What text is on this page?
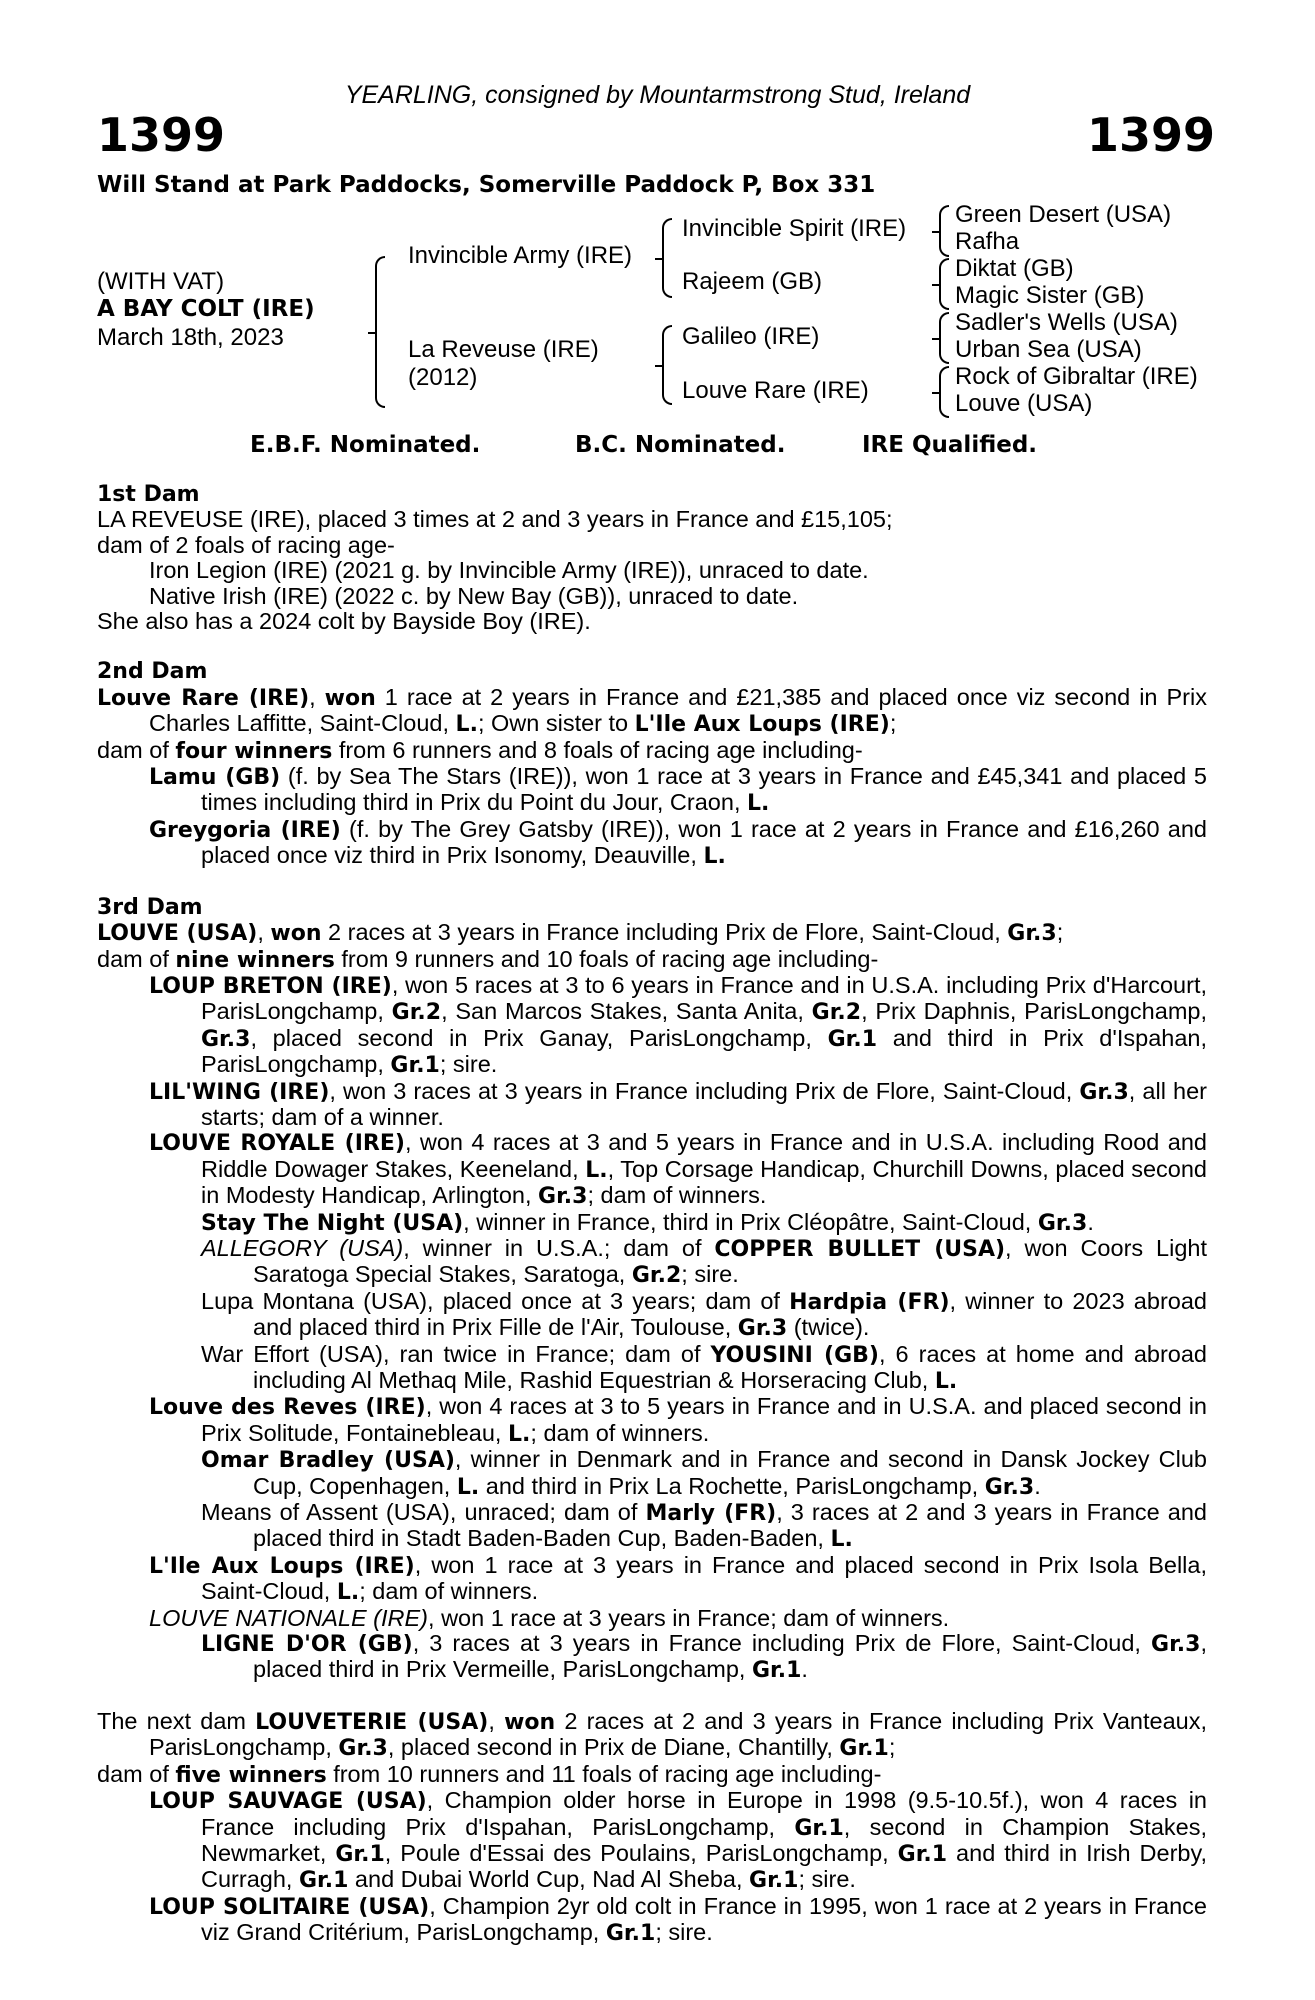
YEARLING, consigned by Mountarmstrong Stud, Ireland
1399	1399
Will Stand at Park Paddocks, Somerville Paddock P, Box 331
(WITH VAT)
A BAY COLT (IRE)
March 18th, 2023
Invincible Army (IRE)
La Reveuse (IRE)
(2012)
Invincible Spirit (IRE)
Rajeem (GB)
Galileo (IRE)
Louve Rare (IRE)
Green Desert (USA)
Rafha
Diktat (GB)
Magic Sister (GB)
Sadler's Wells (USA)
Urban Sea (USA)
Rock of Gibraltar (IRE)
Louve (USA)
E.B.F. Nominated.	B.C. Nominated.	IRE Qualified.
1st Dam
LA REVEUSE (IRE), placed 3 times at 2 and 3 years in France and £15,105;
dam of 2 foals of racing age-
Iron Legion (IRE) (2021 g. by Invincible Army (IRE)), unraced to date.
Native Irish (IRE) (2022 c. by New Bay (GB)), unraced to date.
She also has a 2024 colt by Bayside Boy (IRE).
2nd Dam

Louve Rare (IRE), won 1 race at 2 years in France and £21,385 and placed once viz second in Prix Charles Laffitte, Saint-Cloud, L.; Own sister to L'Ile Aux Loups (IRE);

dam of four winners from 6 runners and 8 foals of racing age including-

Lamu (GB) (f. by Sea The Stars (IRE)), won 1 race at 3 years in France and £45,341 and placed 5 times including third in Prix du Point du Jour, Craon, L.

Greygoria (IRE) (f. by The Grey Gatsby (IRE)), won 1 race at 2 years in France and £16,260 and placed once viz third in Prix Isonomy, Deauville, L.

3rd Dam
LOUVE (USA), won 2 races at 3 years in France including Prix de Flore, Saint-Cloud, Gr.3;
dam of nine winners from 9 runners and 10 foals of racing age including-

LOUP BRETON (IRE), won 5 races at 3 to 6 years in France and in U.S.A. including Prix d'Harcourt, ParisLongchamp, Gr.2, San Marcos Stakes, Santa Anita, Gr.2, Prix Daphnis, ParisLongchamp, Gr.3, placed second in Prix Ganay, ParisLongchamp, Gr.1 and third in Prix d'Ispahan, ParisLongchamp, Gr.1; sire.

LIL'WING (IRE), won 3 races at 3 years in France including Prix de Flore, Saint-Cloud, Gr.3, all her starts; dam of a winner.

LOUVE ROYALE (IRE), won 4 races at 3 and 5 years in France and in U.S.A. including Rood and Riddle Dowager Stakes, Keeneland, L., Top Corsage Handicap, Churchill Downs, placed second in Modesty Handicap, Arlington, Gr.3; dam of winners.

Stay The Night (USA), winner in France, third in Prix Cléopâtre, Saint-Cloud, Gr.3.

ALLEGORY (USA), winner in U.S.A.; dam of COPPER BULLET (USA), won Coors Light Saratoga Special Stakes, Saratoga, Gr.2; sire.

Lupa Montana (USA), placed once at 3 years; dam of Hardpia (FR), winner to 2023 abroad and placed third in Prix Fille de l'Air, Toulouse, Gr.3 (twice).

War Effort (USA), ran twice in France; dam of YOUSINI (GB), 6 races at home and abroad including Al Methaq Mile, Rashid Equestrian & Horseracing Club, L.

Louve des Reves (IRE), won 4 races at 3 to 5 years in France and in U.S.A. and placed second in Prix Solitude, Fontainebleau, L.; dam of winners.

Omar Bradley (USA), winner in Denmark and in France and second in Dansk Jockey Club Cup, Copenhagen, L. and third in Prix La Rochette, ParisLongchamp, Gr.3.

Means of Assent (USA), unraced; dam of Marly (FR), 3 races at 2 and 3 years in France and placed third in Stadt Baden-Baden Cup, Baden-Baden, L.

L'Ile Aux Loups (IRE), won 1 race at 3 years in France and placed second in Prix Isola Bella, Saint-Cloud, L.; dam of winners.

LOUVE NATIONALE (IRE), won 1 race at 3 years in France; dam of winners.

LIGNE D'OR (GB), 3 races at 3 years in France including Prix de Flore, Saint-Cloud, Gr.3, placed third in Prix Vermeille, ParisLongchamp, Gr.1.

The next dam LOUVETERIE (USA), won 2 races at 2 and 3 years in France including Prix Vanteaux, ParisLongchamp, Gr.3, placed second in Prix de Diane, Chantilly, Gr.1;

dam of five winners from 10 runners and 11 foals of racing age including-

LOUP SAUVAGE (USA), Champion older horse in Europe in 1998 (9.5-10.5f.), won 4 races in France including Prix d'Ispahan, ParisLongchamp, Gr.1, second in Champion Stakes, Newmarket, Gr.1, Poule d'Essai des Poulains, ParisLongchamp, Gr.1 and third in Irish Derby, Curragh, Gr.1 and Dubai World Cup, Nad Al Sheba, Gr.1; sire.

LOUP SOLITAIRE (USA), Champion 2yr old colt in France in 1995, won 1 race at 2 years in France viz Grand Critérium, ParisLongchamp, Gr.1; sire.
